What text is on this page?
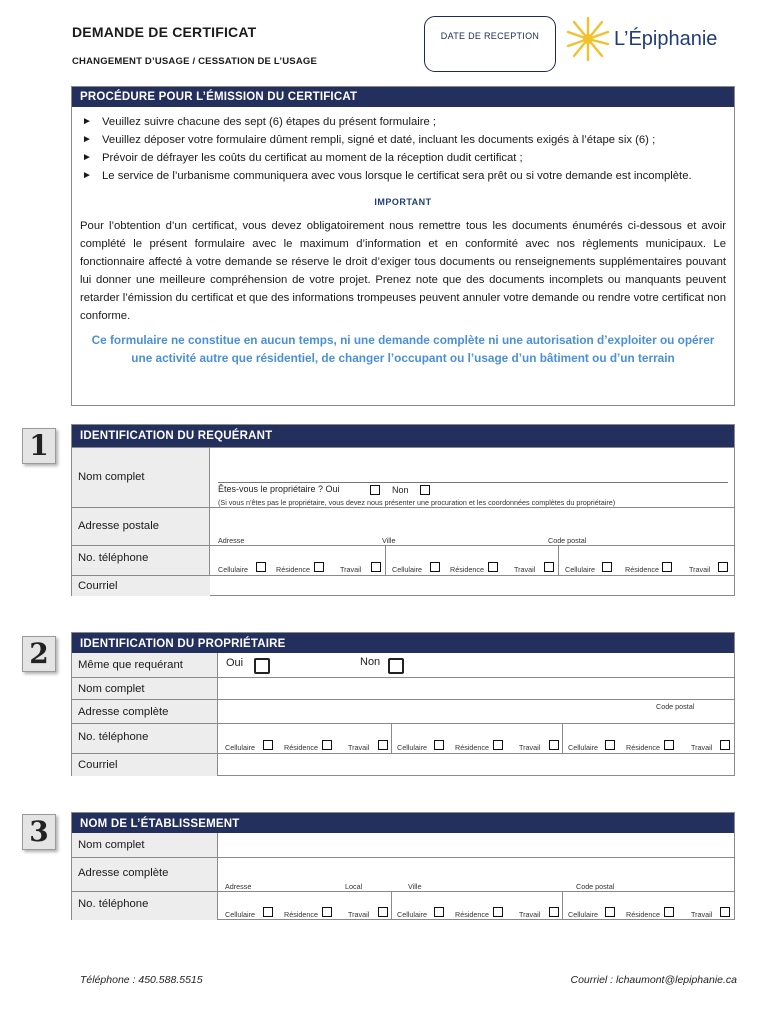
DEMANDE DE CERTIFICAT
CHANGEMENT D’USAGE / CESSATION DE L’USAGE
DATE DE RECEPTION	L’Épiphanie
PROCÉDURE POUR L’ÉMISSION DU CERTIFICAT
► Veuillez suivre chacune des sept (6) étapes du présent formulaire ;
► Veuillez déposer votre formulaire dûment rempli, signé et daté, incluant les documents exigés à l’étape six (6) ;
► Prévoir de défrayer les coûts du certificat au moment de la réception dudit certificat ;
► Le service de l’urbanisme communiquera avec vous lorsque le certificat sera prêt ou si votre demande est incomplète.
IMPORTANT
Pour l’obtention d’un certificat, vous devez obligatoirement nous remettre tous les documents énumérés ci-dessous et avoir complété le présent formulaire avec le maximum d’information et en conformité avec nos règlements municipaux. Le fonctionnaire affecté à votre demande se réserve le droit d’exiger tous documents ou renseignements supplémentaires pouvant lui donner une meilleure compréhension de votre projet. Prenez note que des documents incomplets ou manquants peuvent retarder l’émission du certificat et que des informations trompeuses peuvent annuler votre demande ou rendre votre certificat non conforme.
Ce formulaire ne constitue en aucun temps, ni une demande complète ni une autorisation d’exploiter ou opérer une activité autre que résidentiel, de changer l’occupant ou l’usage d’un bâtiment ou d’un terrain
1	IDENTIFICATION DU REQUÉRANT
Nom complet
Êtes-vous le propriétaire ? Oui	Non
(Si vous n’êtes pas le propriétaire, vous devez nous présenter une procuration et les coordonnées complètes du propriétaire)
Adresse postale
Adresse	Ville	Code postal
No. téléphone
Cellulaire	Résidence	Travail	Cellulaire	Résidence	Travail	Cellulaire	Résidence	Travail
Courriel
2	IDENTIFICATION DU PROPRIÉTAIRE
Même que requérant	Oui	Non
Nom complet
Adresse complète	Code postal
No. téléphone
Cellulaire	Résidence	Travail	Cellulaire	Résidence	Travail	Cellulaire	Résidence	Travail
Courriel
3	NOM DE L’ÉTABLISSEMENT
Nom complet
Adresse complète
Adresse	Local	Ville	Code postal
No. téléphone
Cellulaire	Résidence	Travail	Cellulaire	Résidence	Travail	Cellulaire	Résidence	Travail
Téléphone : 450.588.5515	Courriel : lchaumont@lepiphanie.ca
